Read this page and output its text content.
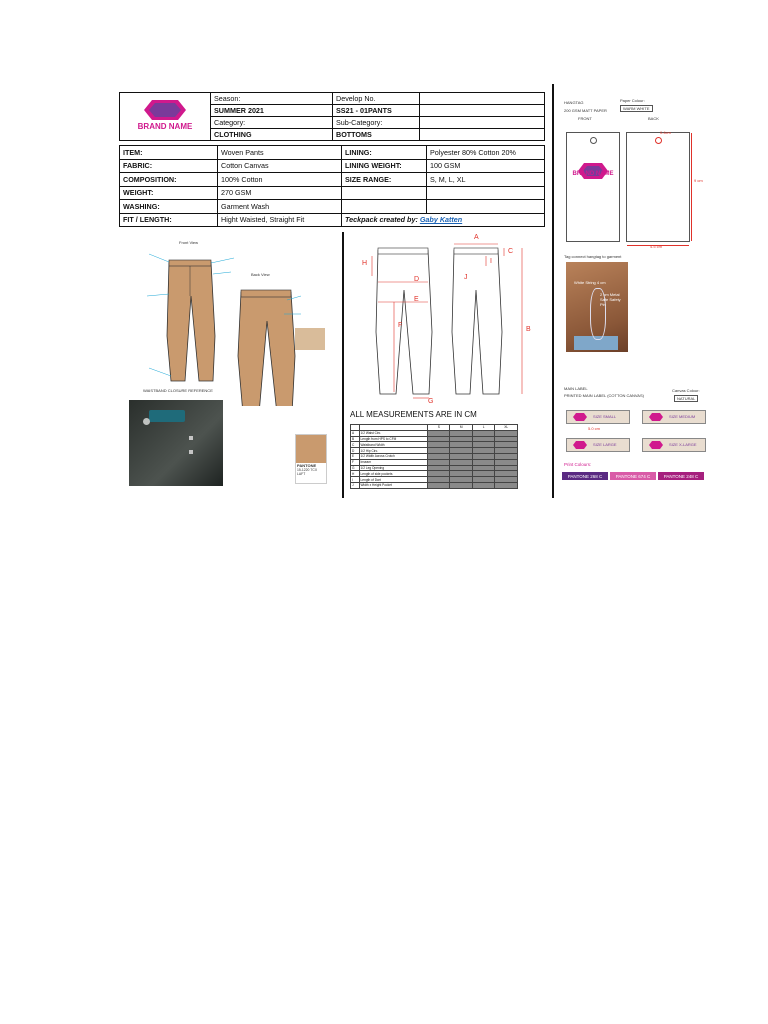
BRAND NAME	Season:	Develop No.	
	SUMMER 2021	SS21 - 01PANTS	
	Category:	Sub-Category:	
	CLOTHING	BOTTOMS	
ITEM:	Woven Pants	LINING:	Polyester 80% Cotton 20%
FABRIC:	Cotton Canvas	LINING WEIGHT:	100 GSM
COMPOSITION:	100% Cotton	SIZE RANGE:	S, M, L, XL
WEIGHT:	270 GSM		
WASHING:	Garment Wash		
FIT / LENGTH:	Hight Waisted, Straight Fit	Teckpack created by: Gaby Katten	
Front View
Back View
WAISTBAND CLOSURE REFERENCE
PANTONE
15-1220 TCX
LAFT
A
B
C
D
E
F
G
H	I
J
ALL MEASUREMENTS ARE IN CM
		S	M	L	XL
A	1/2 Waist Circ.				
B	Length from HPS to CFM				
C	Waistband Width				
D	1/2 Hip Circ.				
E	1/2 Width Across Crotch				
F	Inseam				
G	1/2 Leg Opening				
H	Length of side pockets				
I	Length of Dart				
J	Width x Height Pocket				
HANGTAG
200 GSM MATT PAPER
Paper Colour:
WARM WHITE
FRONT	BACK
BRAND NAME
0.4cm
9 cm
4.5 cm
Tag connect hangtag to garment
White String 4 cm
2 cm Metal Safe Safety Pin
MAIN LABEL
PRINTED MAIN LABEL (COTTON CANVAS)
Canvas Colour:
NATURAL
SIZE SMALL	SIZE MEDIUM
5.0 cm
SIZE LARGE	SIZE X-LARGE
Print Colours:
PANTONE 268 C	PANTONE 674 C	PANTONE 248 C
